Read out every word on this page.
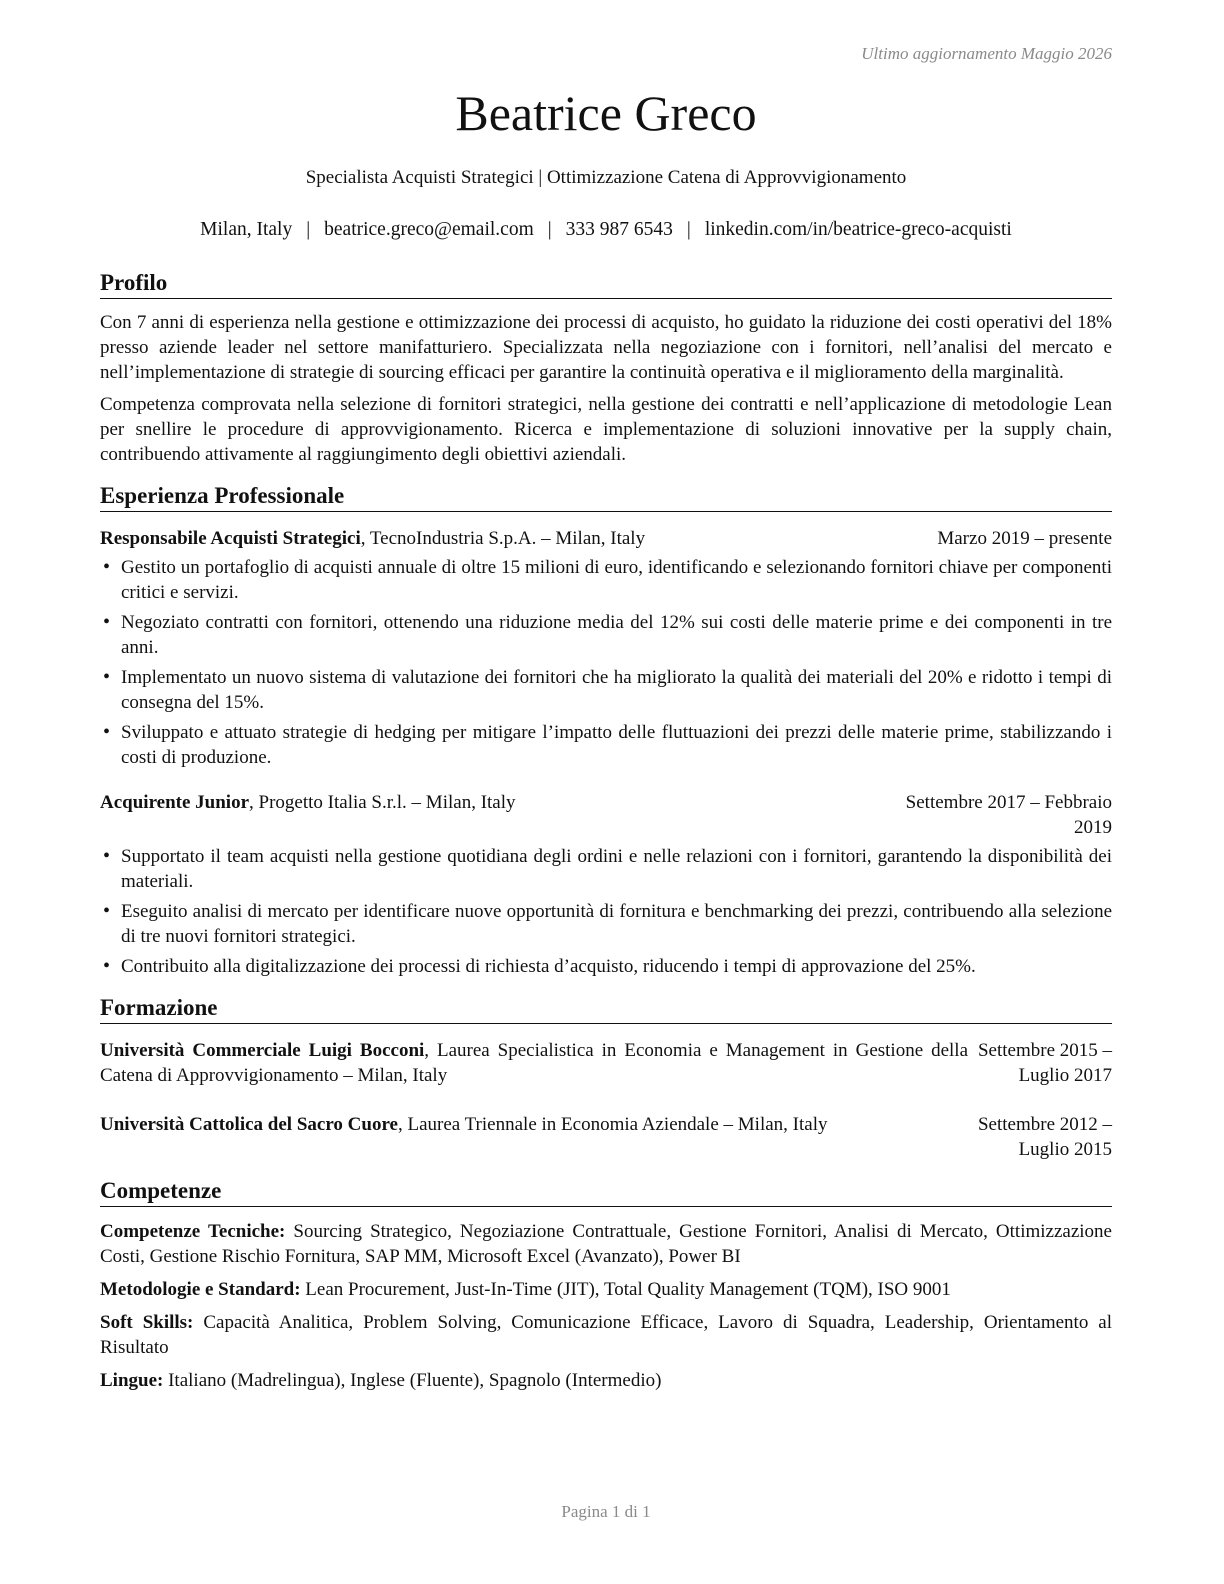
Ultimo aggiornamento Maggio 2026
Beatrice Greco
Specialista Acquisti Strategici | Ottimizzazione Catena di Approvvigionamento
Milan, Italy | beatrice.greco@email.com | 333 987 6543 | linkedin.com/in/beatrice-greco-acquisti
Profilo

Con 7 anni di esperienza nella gestione e ottimizzazione dei processi di acquisto, ho guidato la riduzione dei costi operativi del 18% presso aziende leader nel settore manifatturiero. Specializzata nella negoziazione con i fornitori, nell’analisi del mercato e nell’implementazione di strategie di sourcing efficaci per garantire la continuità operativa e il miglioramento della marginalità.

Competenza comprovata nella selezione di fornitori strategici, nella gestione dei contratti e nell’applicazione di metodologie Lean per snellire le procedure di approvvigionamento. Ricerca e implementazione di soluzioni innovative per la supply chain, contribuendo attivamente al raggiungimento degli obiettivi aziendali.

Esperienza Professionale
Responsabile Acquisti Strategici, TecnoIndustria S.p.A. – Milan, Italy	Marzo 2019 – presente
• Gestito un portafoglio di acquisti annuale di oltre 15 milioni di euro, identificando e selezionando fornitori chiave per componenti critici e servizi.
• Negoziato contratti con fornitori, ottenendo una riduzione media del 12% sui costi delle materie prime e dei componenti in tre anni.
• Implementato un nuovo sistema di valutazione dei fornitori che ha migliorato la qualità dei materiali del 20% e ridotto i tempi di consegna del 15%.
• Sviluppato e attuato strategie di hedging per mitigare l’impatto delle fluttuazioni dei prezzi delle materie prime, stabilizzando i costi di produzione.
Acquirente Junior, Progetto Italia S.r.l. – Milan, Italy	Settembre 2017 – Febbraio 2019
• Supportato il team acquisti nella gestione quotidiana degli ordini e nelle relazioni con i fornitori, garantendo la disponibilità dei materiali.
• Eseguito analisi di mercato per identificare nuove opportunità di fornitura e benchmarking dei prezzi, contribuendo alla selezione di tre nuovi fornitori strategici.
• Contribuito alla digitalizzazione dei processi di richiesta d’acquisto, riducendo i tempi di approvazione del 25%.
Formazione
Università Commerciale Luigi Bocconi, Laurea Specialistica in Economia e Management in Gestione della Catena di Approvvigionamento – Milan, Italy
Settembre 2015 – Luglio 2017
Università Cattolica del Sacro Cuore, Laurea Triennale in Economia Aziendale – Milan, Italy	Settembre 2012 – Luglio 2015
Competenze

Competenze Tecniche: Sourcing Strategico, Negoziazione Contrattuale, Gestione Fornitori, Analisi di Mercato, Ottimizzazione Costi, Gestione Rischio Fornitura, SAP MM, Microsoft Excel (Avanzato), Power BI

Metodologie e Standard: Lean Procurement, Just-In-Time (JIT), Total Quality Management (TQM), ISO 9001

Soft Skills: Capacità Analitica, Problem Solving, Comunicazione Efficace, Lavoro di Squadra, Leadership, Orientamento al Risultato

Lingue: Italiano (Madrelingua), Inglese (Fluente), Spagnolo (Intermedio)

Pagina 1 di 1
